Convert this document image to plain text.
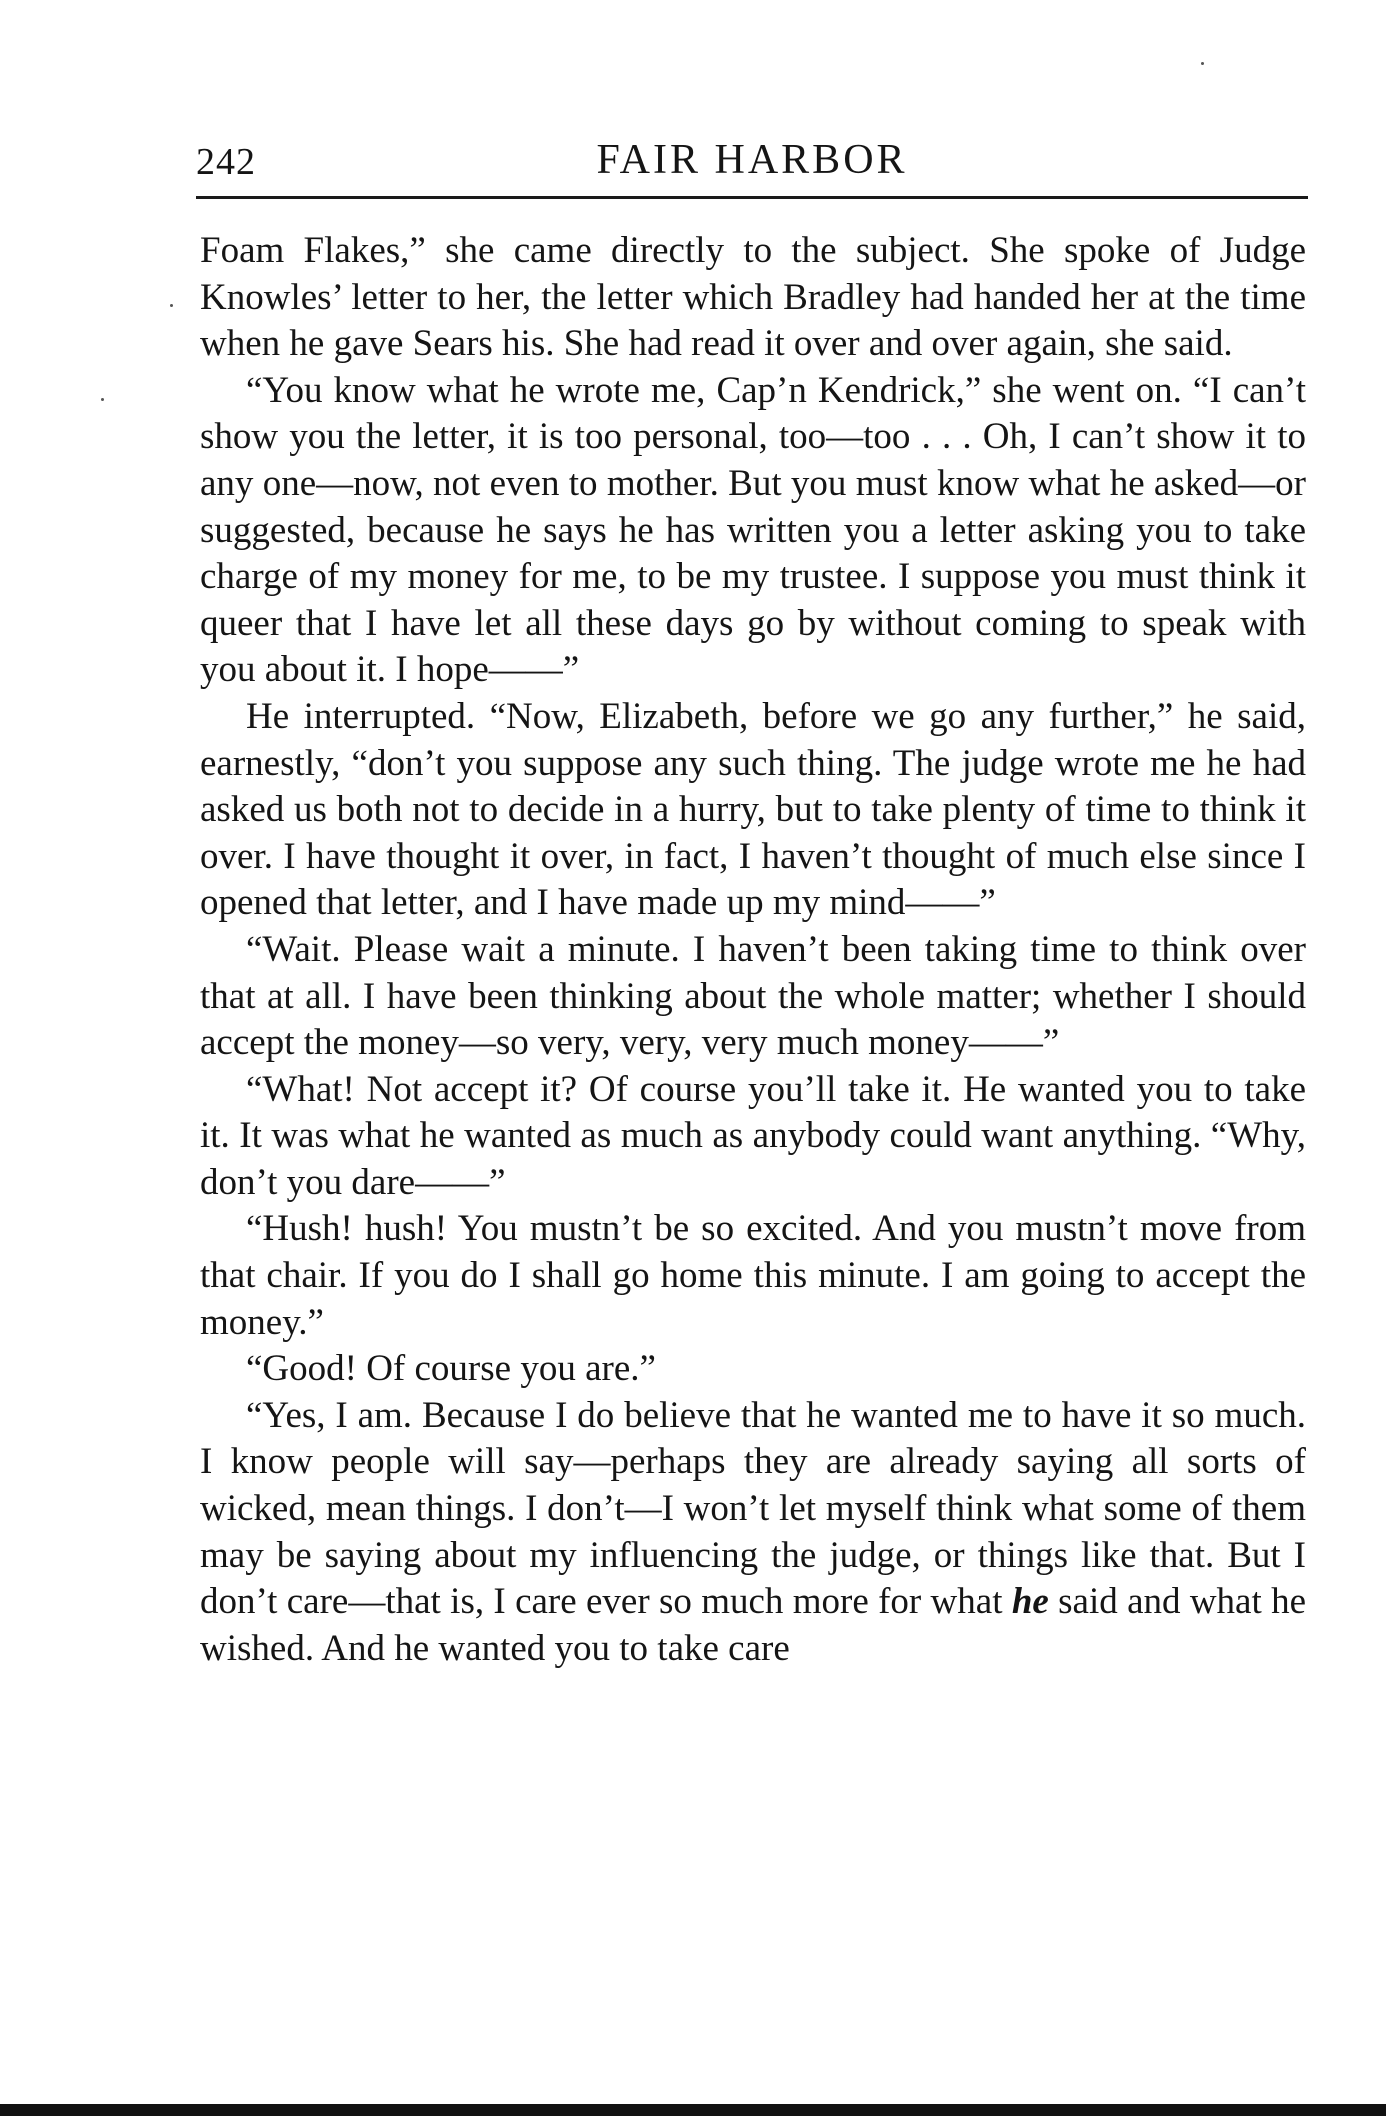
242	FAIR HARBOR

Foam Flakes,” she came directly to the subject. She spoke of Judge Knowles’ letter to her, the letter which Bradley had handed her at the time when he gave Sears his. She had read it over and over again, she said.

“You know what he wrote me, Cap’n Kendrick,” she went on. “I can’t show you the letter, it is too personal, too—too . . . Oh, I can’t show it to any one—now, not even to mother. But you must know what he asked—or suggested, because he says he has written you a letter asking you to take charge of my money for me, to be my trustee. I suppose you must think it queer that I have let all these days go by without coming to speak with you about it. I hope——”

He interrupted. “Now, Elizabeth, before we go any further,” he said, earnestly, “don’t you suppose any such thing. The judge wrote me he had asked us both not to decide in a hurry, but to take plenty of time to think it over. I have thought it over, in fact, I haven’t thought of much else since I opened that letter, and I have made up my mind——”

“Wait. Please wait a minute. I haven’t been taking time to think over that at all. I have been thinking about the whole matter; whether I should accept the money—so very, very, very much money——”

“What! Not accept it? Of course you’ll take it. He wanted you to take it. It was what he wanted as much as anybody could want anything. “Why, don’t you dare——”

“Hush! hush! You mustn’t be so excited. And you mustn’t move from that chair. If you do I shall go home this minute. I am going to accept the money.”

“Good! Of course you are.”

“Yes, I am. Because I do believe that he wanted me to have it so much. I know people will say—perhaps they are already saying all sorts of wicked, mean things. I don’t—I won’t let myself think what some of them may be saying about my influencing the judge, or things like that. But I don’t care—that is, I care ever so much more for what he said and what he wished. And he wanted you to take care
